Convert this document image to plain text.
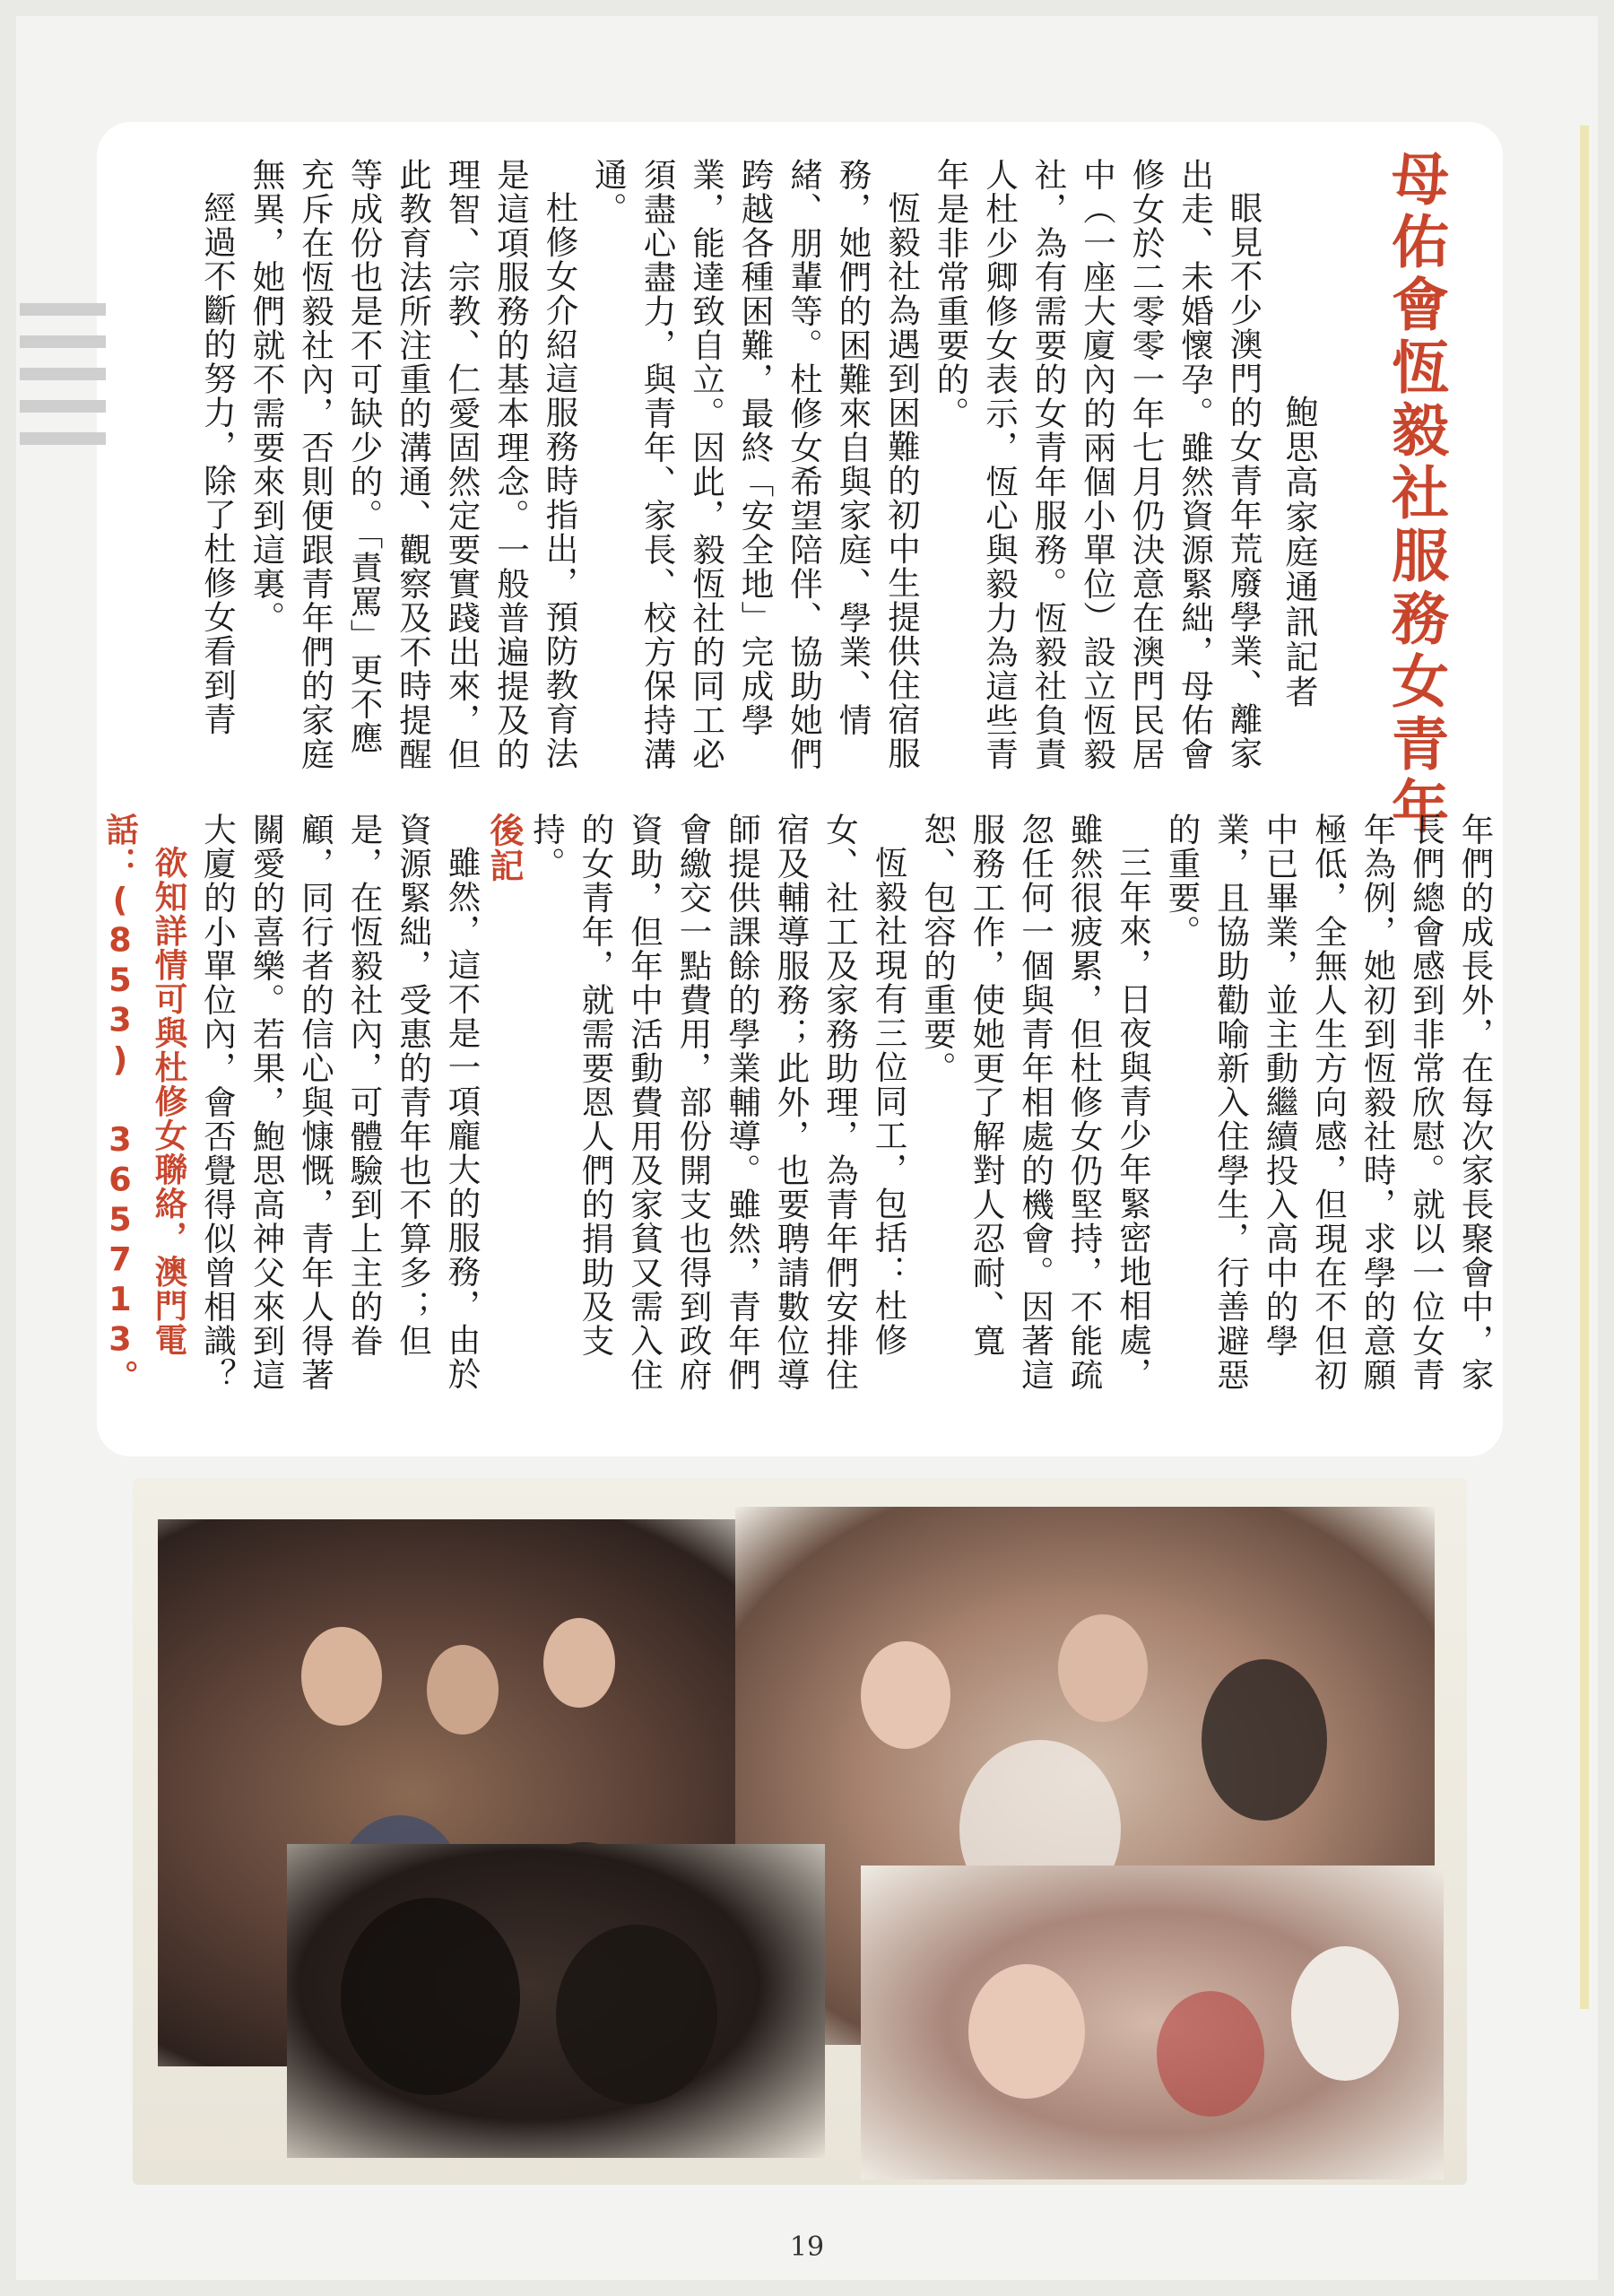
母佑會恆毅社服務女青年
鮑思高家庭通訊記者

眼見不少澳門的女青年荒廢學業、離家出走、未婚懷孕。雖然資源緊絀，母佑會修女於二零零一年七月仍決意在澳門民居中（一座大廈內的兩個小單位）設立恆毅社，為有需要的女青年服務。恆毅社負責人杜少卿修女表示，恆心與毅力為這些青年是非常重要的。

恆毅社為遇到困難的初中生提供住宿服務，她們的困難來自與家庭、學業、情緒、朋輩等。杜修女希望陪伴、協助她們跨越各種困難，最終「安全地」完成學業，能達致自立。因此，毅恆社的同工必須盡心盡力，與青年、家長、校方保持溝通。

杜修女介紹這服務時指出，預防教育法是這項服務的基本理念。一般普遍提及的理智、宗教、仁愛固然定要實踐出來，但此教育法所注重的溝通、觀察及不時提醒等成份也是不可缺少的。「責罵」更不應充斥在恆毅社內，否則便跟青年們的家庭無異，她們就不需要來到這裏。

經過不斷的努力，除了杜修女看到青

年們的成長外，在每次家長聚會中，家長們總會感到非常欣慰。就以一位女青年為例，她初到恆毅社時，求學的意願極低，全無人生方向感，但現在不但初中已畢業，並主動繼續投入高中的學業，且協助勸喻新入住學生，行善避惡的重要。

三年來，日夜與青少年緊密地相處，雖然很疲累，但杜修女仍堅持，不能疏忽任何一個與青年相處的機會。因著這服務工作，使她更了解對人忍耐、寬恕、包容的重要。

恆毅社現有三位同工，包括：杜修女、社工及家務助理，為青年們安排住宿及輔導服務；此外，也要聘請數位導師提供課餘的學業輔導。雖然，青年們會繳交一點費用，部份開支也得到政府資助，但年中活動費用及家貧又需入住的女青年，就需要恩人們的捐助及支持。

後記

雖然，這不是一項龐大的服務，由於資源緊絀，受惠的青年也不算多；但是，在恆毅社內，可體驗到上主的眷顧，同行者的信心與慷慨，青年人得著關愛的喜樂。若果，鮑思高神父來到這大廈的小單位內，會否覺得似曾相識？

欲知詳情可與杜修女聯絡，澳門電話：(853) 365713。

19
